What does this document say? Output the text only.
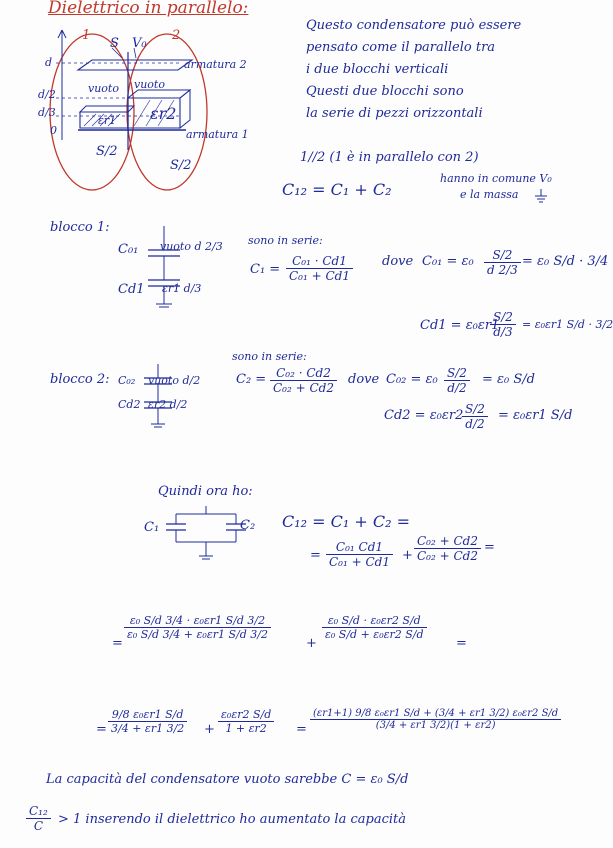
Dielettrico in parallelo:
1	2
S V₀
d
d/2
d/3
0
armatura 2
armatura 1
vuoto vuoto
εr1 εr2
S/2
S/2
Questo condensatore può essere
pensato come il parallelo tra
i due blocchi verticali
Questi due blocchi sono
la serie di pezzi orizzontali
1//2 (1 è in parallelo con 2)
C₁₂ = C₁ + C₂
hanno in comune V₀
e la massa
blocco 1:
C₀₁
Cd1
vuoto d 2/3
εr1 d/3
sono in serie:
$C_1 = \frac{\text{C₀₁ · Cd1}}{\text{C₀₁ + Cd1}}$ dove $C_{01} = \varepsilon_0 \frac{S/2}{d 2/3} = \varepsilon_0$ S/d · 3/4
Cd1 = ε₀εr1
$\frac{S/2}{d/3} = \varepsilon_0\varepsilon r1$ S/d · 3/2
blocco 2: C₀₂
Cd2
vuoto d/2
εr2 d/2
sono in serie:
$C_2 = \frac{\text{C₀₂ · Cd2}}{\text{C₀₂ + Cd2}}$ dove $C_{02} = \varepsilon_0 \frac{S/2}{d/2} = \varepsilon_0$ S/d
Cd2 = ε₀εr2
$\frac{S/2}{d/2} = \varepsilon_0\varepsilon r1$ S/d
Quindi ora ho:
C₁	C₂ C₁₂ = C₁ + C₂ =
= $\frac{\text{C₀₁ Cd1}}{\text{C₀₁ + Cd1}} + \frac{\text{C₀₂ + Cd2}}{\text{C₀₂ + Cd2}}$ =
=
$\frac{\text{ε₀ S/d 3/4 · ε₀εr1 S/d 3/2}}{\text{ε₀ S/d 3/4 + ε₀εr1 S/d 3/2}}$
+
$\frac{\text{ε₀ S/d · ε₀εr2 S/d}}{\text{ε₀ S/d + ε₀εr2 S/d}}$
=
= $\frac{\text{9/8 ε₀εr1 S/d}}{3/4 + \varepsilon r1 3/2} + \frac{\text{ε₀εr2 S/d}}{1 + \varepsilon r2} = \frac{\text{(εr1+1) 9/8 ε₀εr1 S/d + (3/4 + εr1 3/2) ε₀εr2 S/d}}{(3/4 + \varepsilon r1 3/2)(1 + \varepsilon r2)}$
La capacità del condensatore vuoto sarebbe C = ε₀ S/d
$\frac{\text{C₁₂}}{C} > 1$ inserendo il dielettrico ho aumentato la capacità
